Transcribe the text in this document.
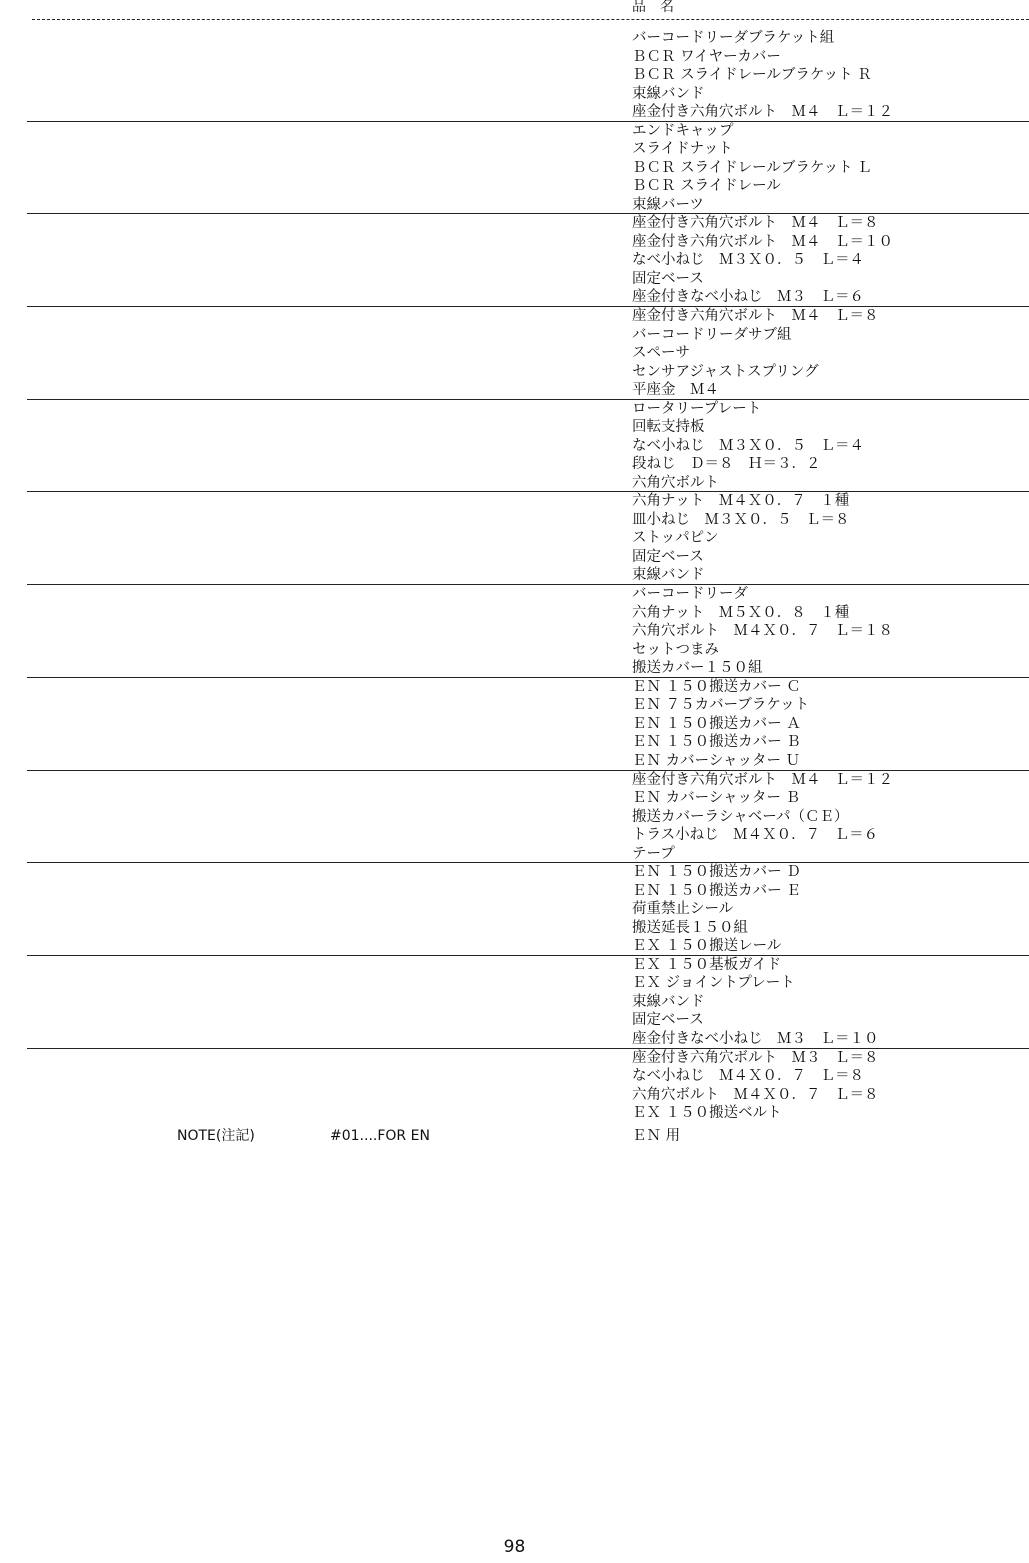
品　名
バーコードリーダブラケット組
ＢＣＲ ワイヤーカバー
ＢＣＲ スライドレールブラケット Ｒ
束線バンド
座金付き六角穴ボルト　Ｍ４　Ｌ＝１２
エンドキャップ
スライドナット
ＢＣＲ スライドレールブラケット Ｌ
ＢＣＲ スライドレール
束線バーツ
座金付き六角穴ボルト　Ｍ４　Ｌ＝８
座金付き六角穴ボルト　Ｍ４　Ｌ＝１０
なべ小ねじ　Ｍ３Ｘ０．５　Ｌ＝４
固定ベース
座金付きなべ小ねじ　Ｍ３　Ｌ＝６
座金付き六角穴ボルト　Ｍ４　Ｌ＝８
バーコードリーダサブ組
スペーサ
センサアジャストスプリング
平座金　Ｍ４
ロータリープレート
回転支持板
なべ小ねじ　Ｍ３Ｘ０．５　Ｌ＝４
段ねじ　Ｄ＝８　Ｈ＝３．２
六角穴ボルト
六角ナット　Ｍ４Ｘ０．７　１種
皿小ねじ　Ｍ３Ｘ０．５　Ｌ＝８
ストッパピン
固定ベース
束線バンド
バーコードリーダ
六角ナット　Ｍ５Ｘ０．８　１種
六角穴ボルト　Ｍ４Ｘ０．７　Ｌ＝１８
セットつまみ
搬送カバー１５０組
ＥＮ １５０搬送カバー Ｃ
ＥＮ ７５カバーブラケット
ＥＮ １５０搬送カバー Ａ
ＥＮ １５０搬送カバー Ｂ
ＥＮ カバーシャッター Ｕ
座金付き六角穴ボルト　Ｍ４　Ｌ＝１２
ＥＮ カバーシャッター Ｂ
搬送カバーラシャベーパ（ＣＥ）
トラス小ねじ　Ｍ４Ｘ０．７　Ｌ＝６
テープ
ＥＮ １５０搬送カバー Ｄ
ＥＮ １５０搬送カバー Ｅ
荷重禁止シール
搬送延長１５０組
ＥＸ １５０搬送レール
ＥＸ １５０基板ガイド
ＥＸ ジョイントプレート
束線バンド
固定ベース
座金付きなべ小ねじ　Ｍ３　Ｌ＝１０
座金付き六角穴ボルト　Ｍ３　Ｌ＝８
なべ小ねじ　Ｍ４Ｘ０．７　Ｌ＝８
六角穴ボルト　Ｍ４Ｘ０．７　Ｌ＝８
ＥＸ １５０搬送ベルト
NOTE(注記)	#01....FOR EN	ＥＮ 用
98
